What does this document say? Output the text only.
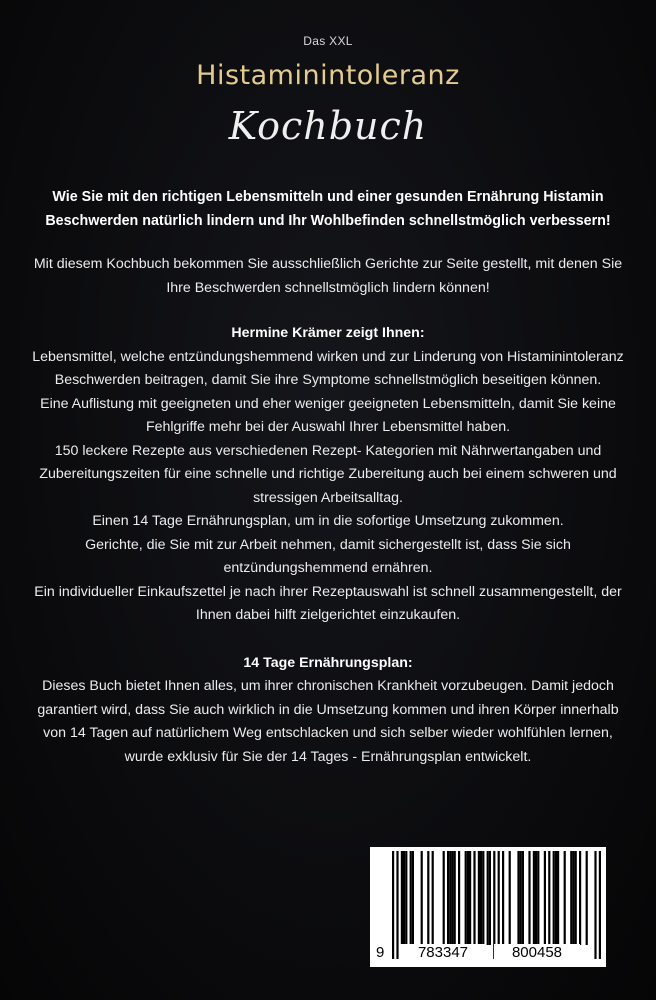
Das XXL
Histaminintoleranz
Kochbuch
Wie Sie mit den richtigen Lebensmitteln und einer gesunden Ernährung Histamin Beschwerden natürlich lindern und Ihr Wohlbefinden schnellstmöglich verbessern!
Mit diesem Kochbuch bekommen Sie ausschließlich Gerichte zur Seite gestellt, mit denen Sie Ihre Beschwerden schnellstmöglich lindern können!
Hermine Krämer zeigt Ihnen:
Lebensmittel, welche entzündungshemmend wirken und zur Linderung von Histaminintoleranz Beschwerden beitragen, damit Sie ihre Symptome schnellstmöglich beseitigen können.
Eine Auflistung mit geeigneten und eher weniger geeigneten Lebensmitteln, damit Sie keine Fehlgriffe mehr bei der Auswahl Ihrer Lebensmittel haben.
150 leckere Rezepte aus verschiedenen Rezept- Kategorien mit Nährwertangaben und Zubereitungszeiten für eine schnelle und richtige Zubereitung auch bei einem schweren und stressigen Arbeitsalltag.
Einen 14 Tage Ernährungsplan, um in die sofortige Umsetzung zukommen.
Gerichte, die Sie mit zur Arbeit nehmen, damit sichergestellt ist, dass Sie sich entzündungshemmend ernähren.
Ein individueller Einkaufszettel je nach ihrer Rezeptauswahl ist schnell zusammengestellt, der Ihnen dabei hilft zielgerichtet einzukaufen.
14 Tage Ernährungsplan:
Dieses Buch bietet Ihnen alles, um ihrer chronischen Krankheit vorzubeugen. Damit jedoch garantiert wird, dass Sie auch wirklich in die Umsetzung kommen und ihren Körper innerhalb von 14 Tagen auf natürlichem Weg entschlacken und sich selber wieder wohlfühlen lernen, wurde exklusiv für Sie der 14 Tages - Ernährungsplan entwickelt.
9	783347	800458
